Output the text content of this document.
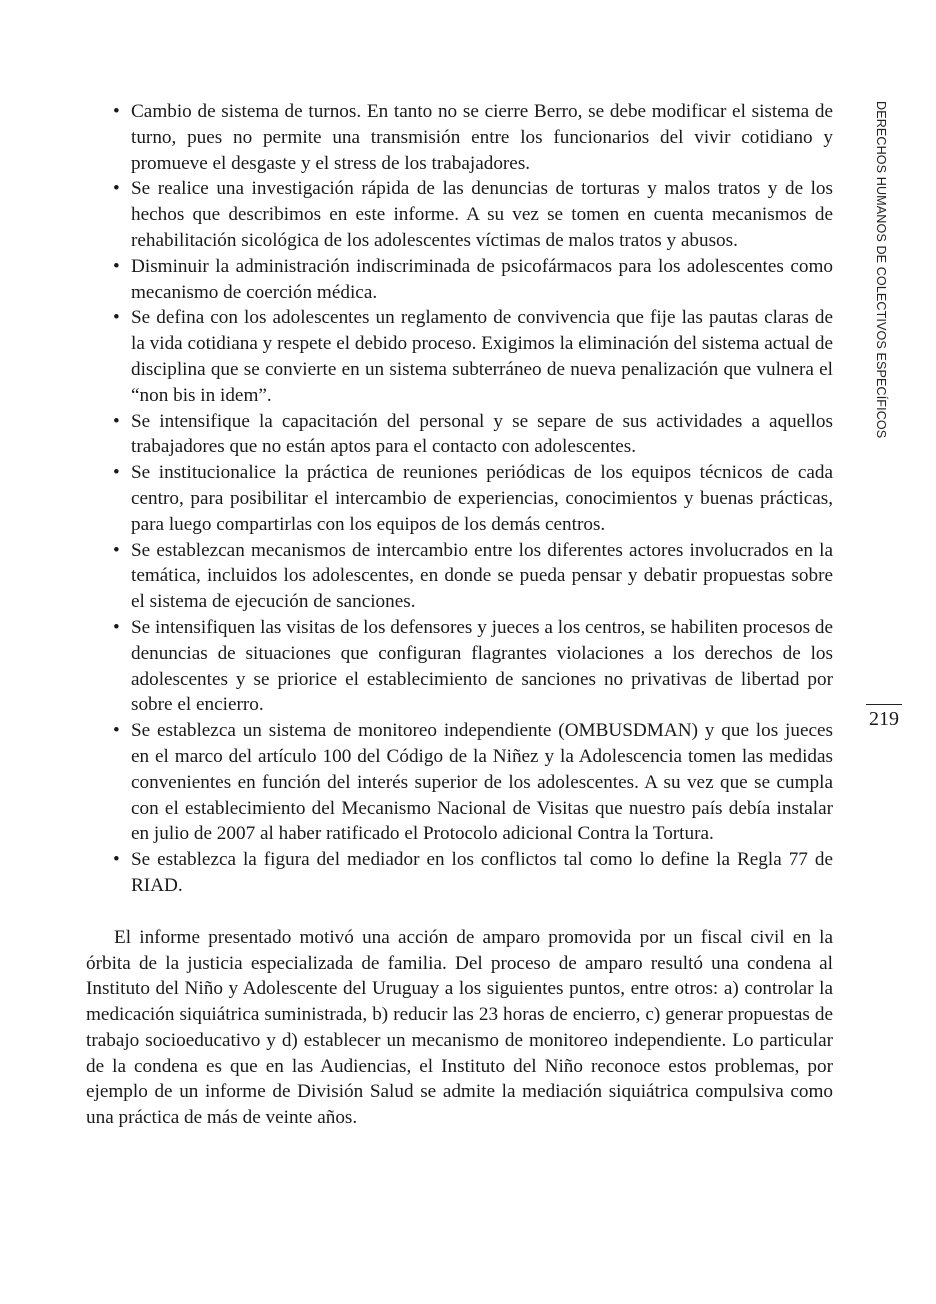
• Cambio de sistema de turnos. En tanto no se cierre Berro, se debe modificar el sistema de turno, pues no permite una transmisión entre los funcionarios del vivir cotidiano y promueve el desgaste y el stress de los trabajadores.
• Se realice una investigación rápida de las denuncias de torturas y malos tratos y de los hechos que describimos en este informe. A su vez se tomen en cuenta mecanismos de rehabilitación sicológica de los adolescentes víctimas de malos tratos y abusos.
• Disminuir la administración indiscriminada de psicofármacos para los adolescentes como mecanismo de coerción médica.
• Se defina con los adolescentes un reglamento de convivencia que fije las pautas claras de la vida cotidiana y respete el debido proceso. Exigimos la eliminación del sistema actual de disciplina que se convierte en un sistema subterráneo de nueva penalización que vulnera el “non bis in idem”.
• Se intensifique la capacitación del personal y se separe de sus actividades a aquellos trabajadores que no están aptos para el contacto con adolescentes.
• Se institucionalice la práctica de reuniones periódicas de los equipos técnicos de cada centro, para posibilitar el intercambio de experiencias, conocimientos y buenas prácticas, para luego compartirlas con los equipos de los demás centros.
• Se establezcan mecanismos de intercambio entre los diferentes actores involucrados en la temática, incluidos los adolescentes, en donde se pueda pensar y debatir propuestas sobre el sistema de ejecución de sanciones.
• Se intensifiquen las visitas de los defensores y jueces a los centros, se habiliten procesos de denuncias de situaciones que configuran flagrantes violaciones a los derechos de los adolescentes y se priorice el establecimiento de sanciones no privativas de libertad por sobre el encierro.
• Se establezca un sistema de monitoreo independiente (OMBUSDMAN) y que los jueces en el marco del artículo 100 del Código de la Niñez y la Adolescencia tomen las medidas convenientes en función del interés superior de los adolescentes. A su vez que se cumpla con el establecimiento del Mecanismo Nacional de Visitas que nuestro país debía instalar en julio de 2007 al haber ratificado el Protocolo adicional Contra la Tortura.
• Se establezca la figura del mediador en los conflictos tal como lo define la Regla 77 de RIAD.

El informe presentado motivó una acción de amparo promovida por un fiscal civil en la órbita de la justicia especializada de familia. Del proceso de amparo resultó una condena al Instituto del Niño y Adolescente del Uruguay a los siguientes puntos, entre otros: a) controlar la medicación siquiátrica suministrada, b) reducir las 23 horas de encierro, c) generar propuestas de trabajo socioeducativo y d) establecer un mecanismo de monitoreo independiente. Lo particular de la condena es que en las Audiencias, el Instituto del Niño reconoce estos problemas, por ejemplo de un informe de División Salud se admite la mediación siquiátrica compulsiva como una práctica de más de veinte años.

DERECHOS HUMANOS DE COLECTIVOS ESPECÍFICOS
219
